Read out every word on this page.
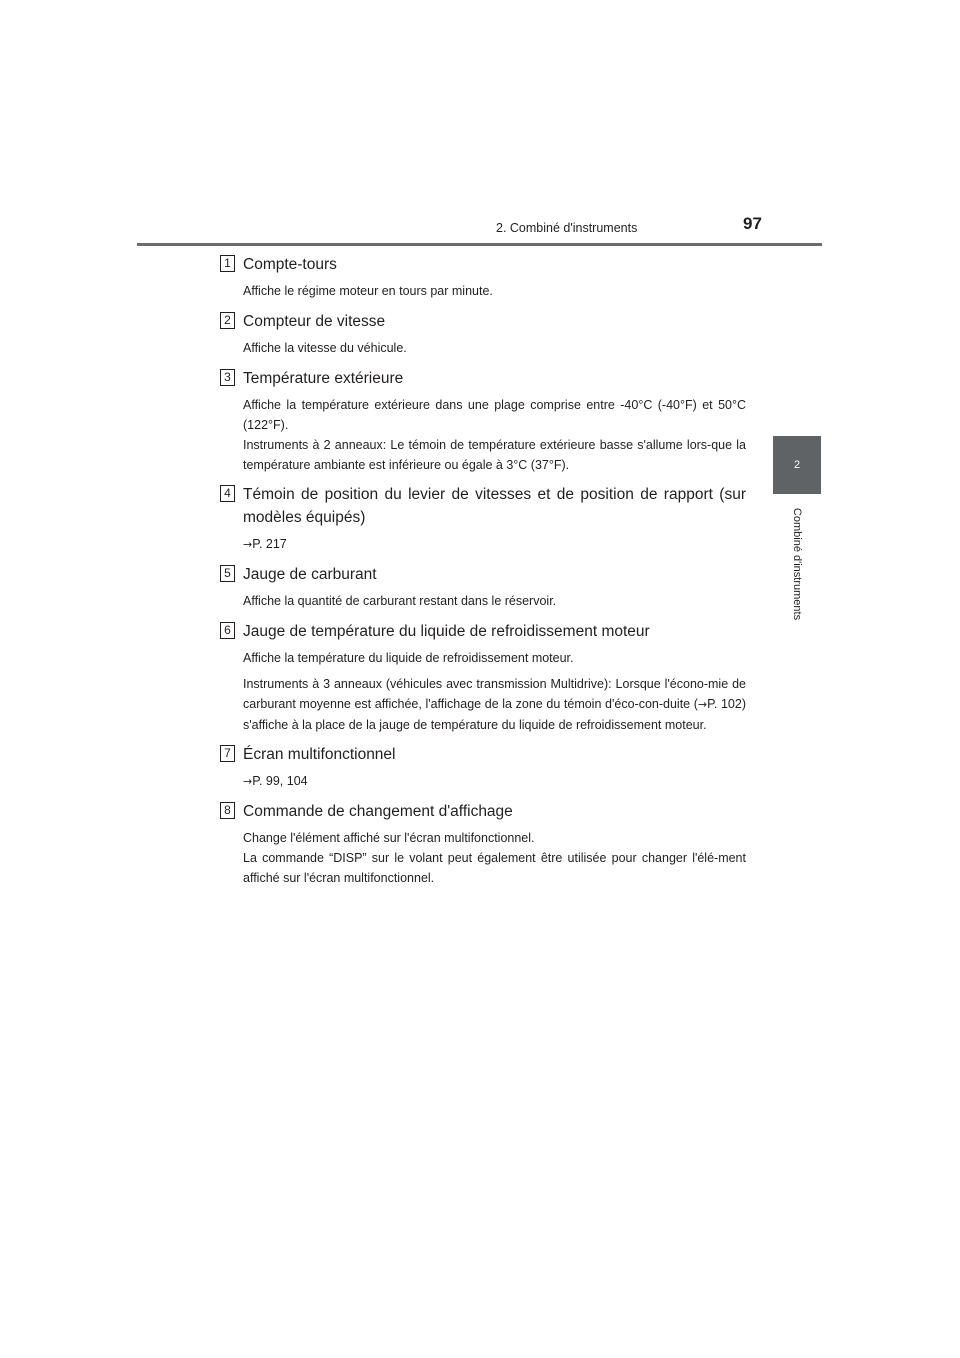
2. Combiné d'instruments	97
2
Combiné d'instruments
1 Compte-tours

Affiche le régime moteur en tours par minute.

2 Compteur de vitesse

Affiche la vitesse du véhicule.

3 Température extérieure

Affiche la température extérieure dans une plage comprise entre -40°C (-40°F) et 50°C (122°F).

Instruments à 2 anneaux: Le témoin de température extérieure basse s'allume lors-que la température ambiante est inférieure ou égale à 3°C (37°F).

4 Témoin de position du levier de vitesses et de position de rapport (sur modèles équipés)

→P. 217

5 Jauge de carburant

Affiche la quantité de carburant restant dans le réservoir.

6 Jauge de température du liquide de refroidissement moteur

Affiche la température du liquide de refroidissement moteur.

Instruments à 3 anneaux (véhicules avec transmission Multidrive): Lorsque l'écono-mie de carburant moyenne est affichée, l'affichage de la zone du témoin d'éco-con-duite (→P. 102) s'affiche à la place de la jauge de température du liquide de refroidissement moteur.

7 Écran multifonctionnel

→P. 99, 104

8 Commande de changement d'affichage

Change l'élément affiché sur l'écran multifonctionnel.

La commande “DISP” sur le volant peut également être utilisée pour changer l'élé-ment affiché sur l'écran multifonctionnel.
